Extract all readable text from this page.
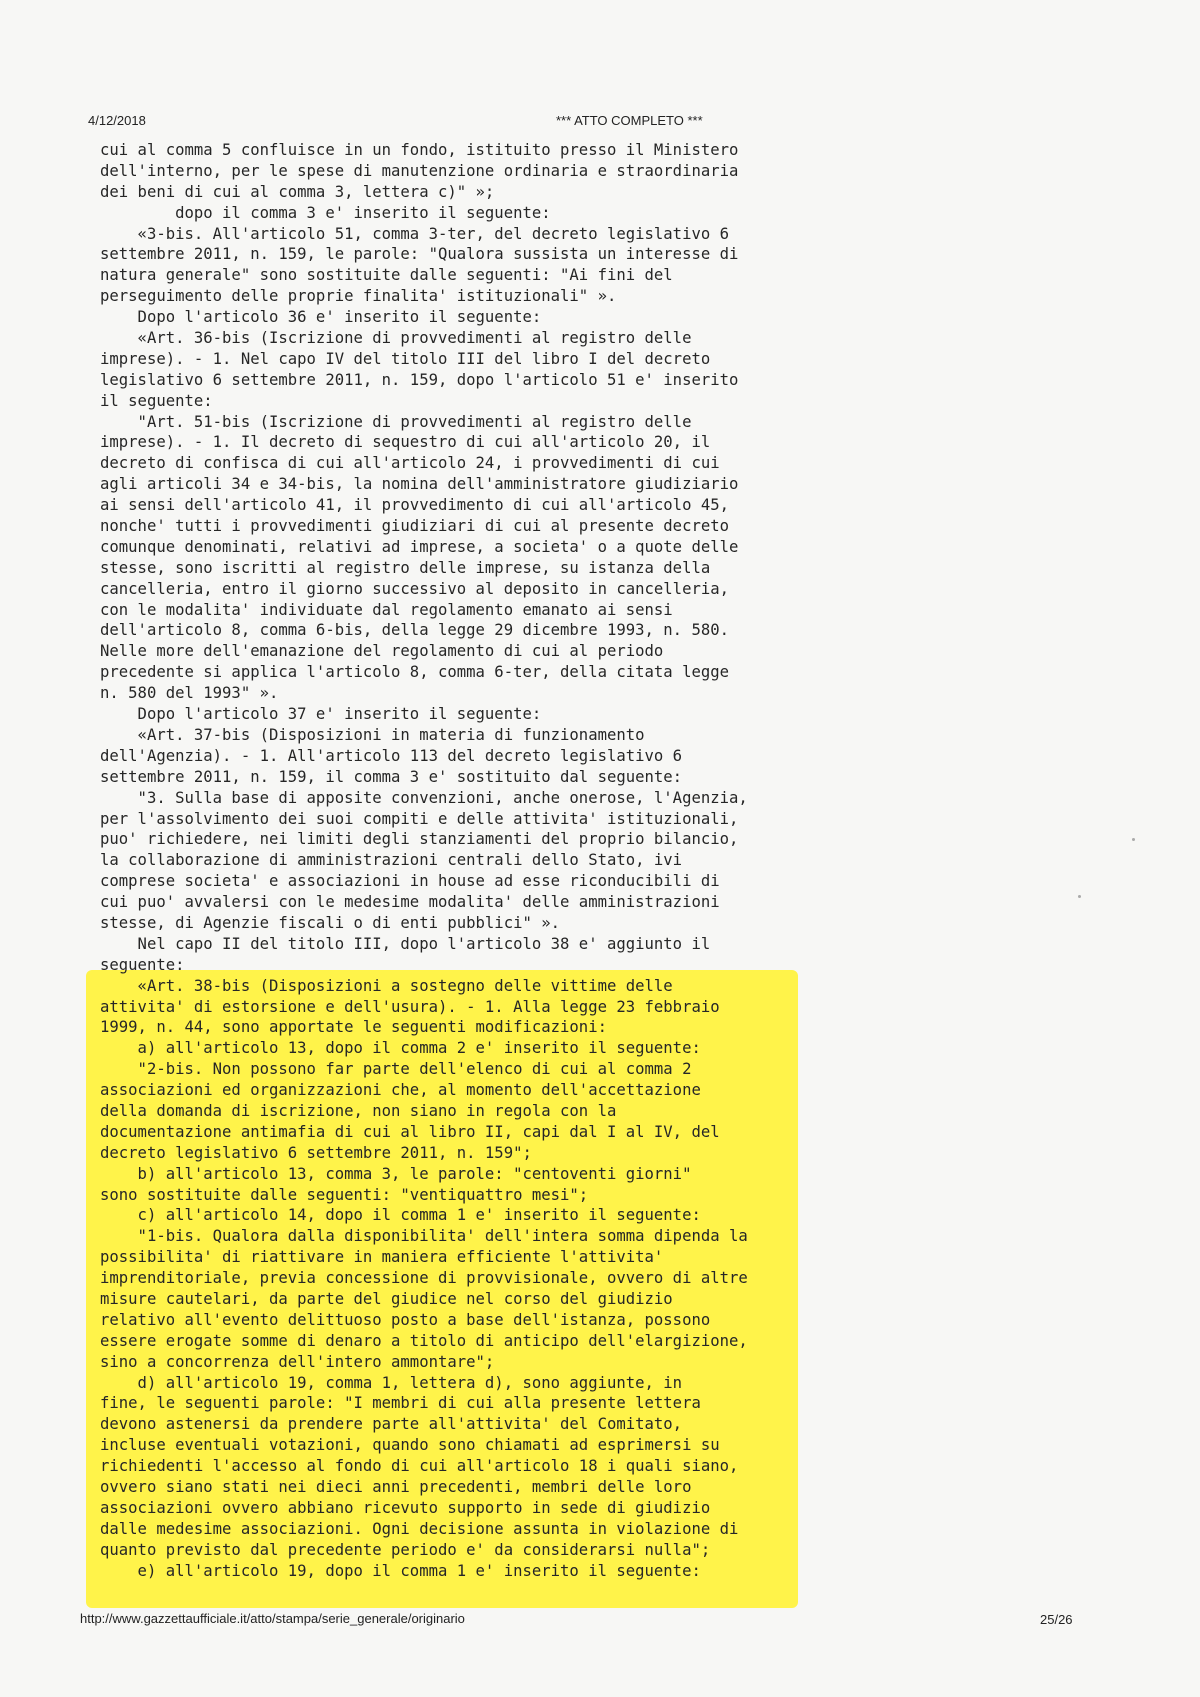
4/12/2018	*** ATTO COMPLETO ***
cui al comma 5 confluisce in un fondo, istituito presso il Ministero
dell'interno, per le spese di manutenzione ordinaria e straordinaria
dei beni di cui al comma 3, lettera c)" »;
dopo il comma 3 e' inserito il seguente:
«3-bis. All'articolo 51, comma 3-ter, del decreto legislativo 6
settembre 2011, n. 159, le parole: "Qualora sussista un interesse di
natura generale" sono sostituite dalle seguenti: "Ai fini del
perseguimento delle proprie finalita' istituzionali" ».
Dopo l'articolo 36 e' inserito il seguente:
«Art. 36-bis (Iscrizione di provvedimenti al registro delle
imprese). - 1. Nel capo IV del titolo III del libro I del decreto
legislativo 6 settembre 2011, n. 159, dopo l'articolo 51 e' inserito
il seguente:
"Art. 51-bis (Iscrizione di provvedimenti al registro delle
imprese). - 1. Il decreto di sequestro di cui all'articolo 20, il
decreto di confisca di cui all'articolo 24, i provvedimenti di cui
agli articoli 34 e 34-bis, la nomina dell'amministratore giudiziario
ai sensi dell'articolo 41, il provvedimento di cui all'articolo 45,
nonche' tutti i provvedimenti giudiziari di cui al presente decreto
comunque denominati, relativi ad imprese, a societa' o a quote delle
stesse, sono iscritti al registro delle imprese, su istanza della
cancelleria, entro il giorno successivo al deposito in cancelleria,
con le modalita' individuate dal regolamento emanato ai sensi
dell'articolo 8, comma 6-bis, della legge 29 dicembre 1993, n. 580.
Nelle more dell'emanazione del regolamento di cui al periodo
precedente si applica l'articolo 8, comma 6-ter, della citata legge
n. 580 del 1993" ».
Dopo l'articolo 37 e' inserito il seguente:
«Art. 37-bis (Disposizioni in materia di funzionamento
dell'Agenzia). - 1. All'articolo 113 del decreto legislativo 6
settembre 2011, n. 159, il comma 3 e' sostituito dal seguente:
"3. Sulla base di apposite convenzioni, anche onerose, l'Agenzia,
per l'assolvimento dei suoi compiti e delle attivita' istituzionali,
puo' richiedere, nei limiti degli stanziamenti del proprio bilancio,
la collaborazione di amministrazioni centrali dello Stato, ivi
comprese societa' e associazioni in house ad esse riconducibili di
cui puo' avvalersi con le medesime modalita' delle amministrazioni
stesse, di Agenzie fiscali o di enti pubblici" ».
Nel capo II del titolo III, dopo l'articolo 38 e' aggiunto il
seguente:
«Art. 38-bis (Disposizioni a sostegno delle vittime delle
attivita' di estorsione e dell'usura). - 1. Alla legge 23 febbraio
1999, n. 44, sono apportate le seguenti modificazioni:
a) all'articolo 13, dopo il comma 2 e' inserito il seguente:
"2-bis. Non possono far parte dell'elenco di cui al comma 2
associazioni ed organizzazioni che, al momento dell'accettazione
della domanda di iscrizione, non siano in regola con la
documentazione antimafia di cui al libro II, capi dal I al IV, del
decreto legislativo 6 settembre 2011, n. 159";
b) all'articolo 13, comma 3, le parole: "centoventi giorni"
sono sostituite dalle seguenti: "ventiquattro mesi";
c) all'articolo 14, dopo il comma 1 e' inserito il seguente:
"1-bis. Qualora dalla disponibilita' dell'intera somma dipenda la
possibilita' di riattivare in maniera efficiente l'attivita'
imprenditoriale, previa concessione di provvisionale, ovvero di altre
misure cautelari, da parte del giudice nel corso del giudizio
relativo all'evento delittuoso posto a base dell'istanza, possono
essere erogate somme di denaro a titolo di anticipo dell'elargizione,
sino a concorrenza dell'intero ammontare";
d) all'articolo 19, comma 1, lettera d), sono aggiunte, in
fine, le seguenti parole: "I membri di cui alla presente lettera
devono astenersi da prendere parte all'attivita' del Comitato,
incluse eventuali votazioni, quando sono chiamati ad esprimersi su
richiedenti l'accesso al fondo di cui all'articolo 18 i quali siano,
ovvero siano stati nei dieci anni precedenti, membri delle loro
associazioni ovvero abbiano ricevuto supporto in sede di giudizio
dalle medesime associazioni. Ogni decisione assunta in violazione di
quanto previsto dal precedente periodo e' da considerarsi nulla";
e) all'articolo 19, dopo il comma 1 e' inserito il seguente:
http://www.gazzettaufficiale.it/atto/stampa/serie_generale/originario	25/26
